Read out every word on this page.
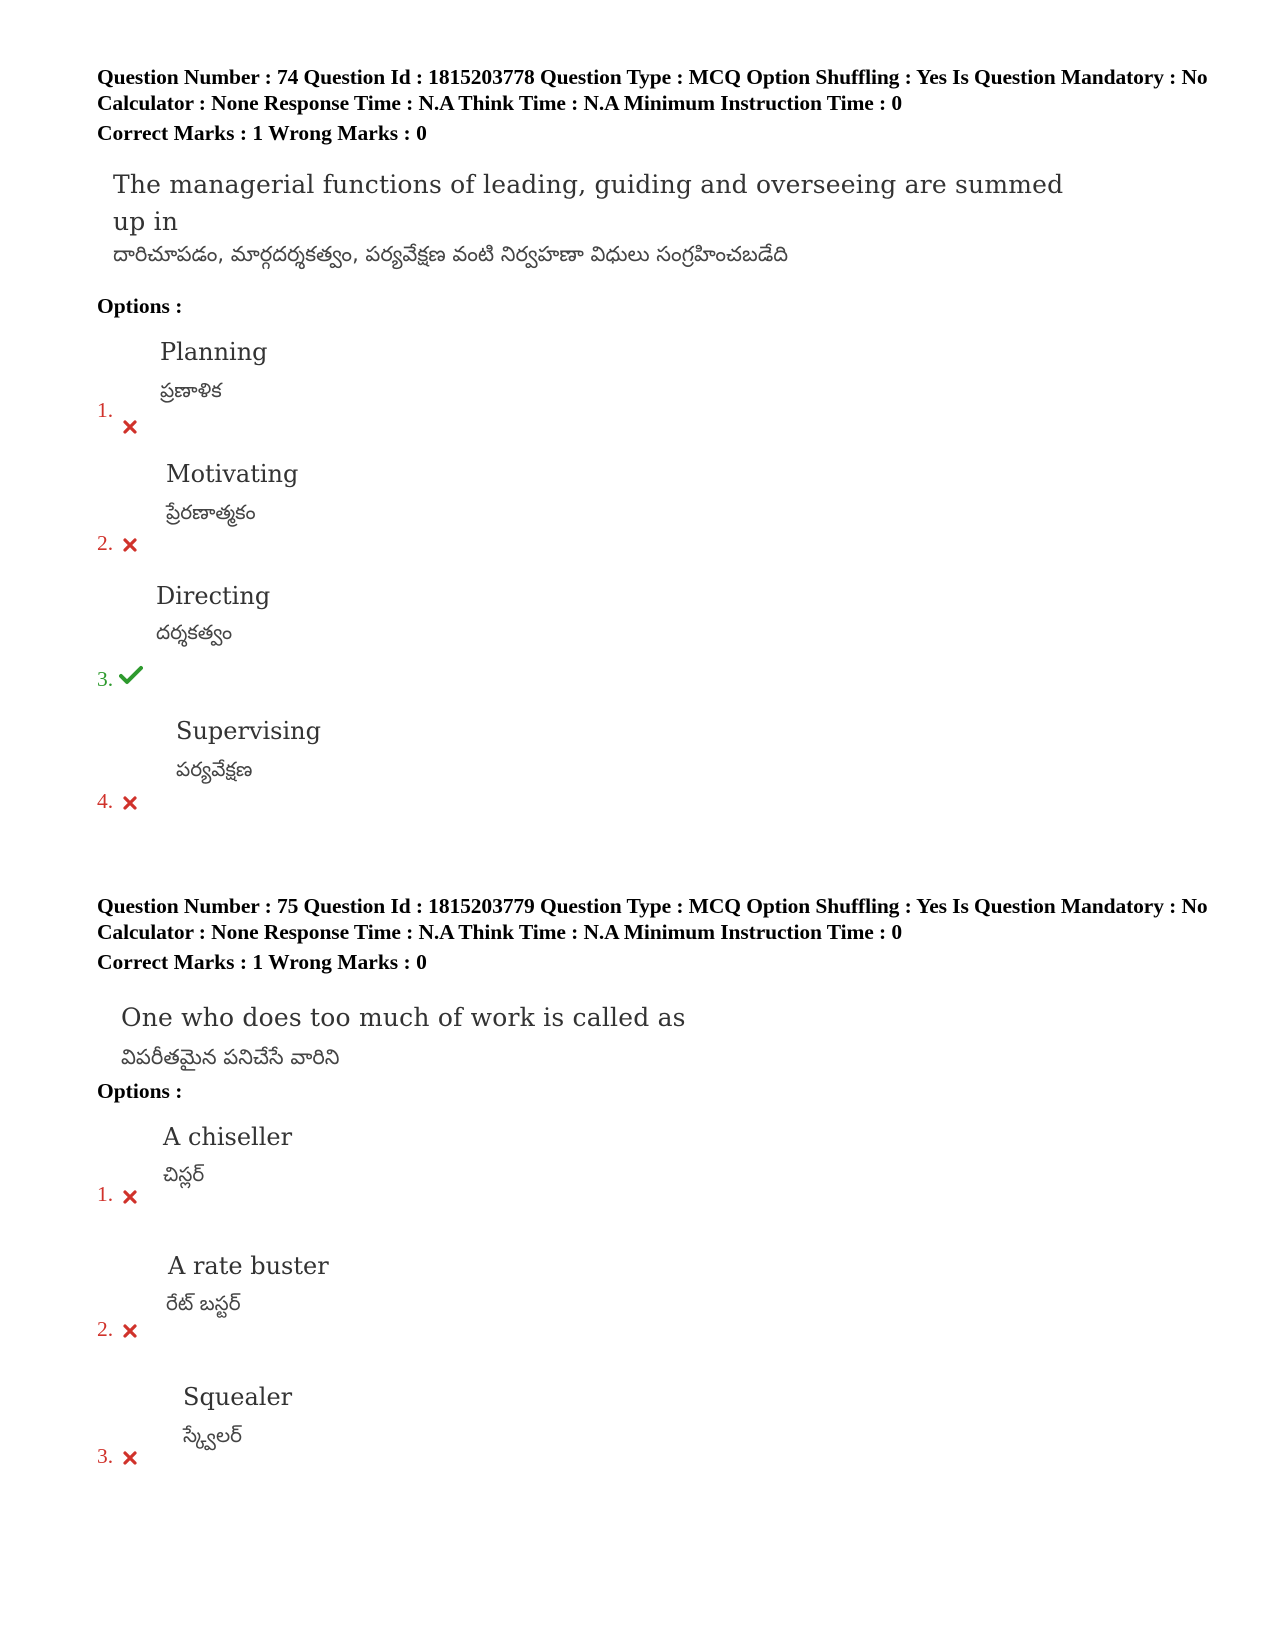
Question Number : 74 Question Id : 1815203778 Question Type : MCQ Option Shuffling : Yes Is Question Mandatory : No Calculator : None Response Time : N.A Think Time : N.A Minimum Instruction Time : 0
Correct Marks : 1 Wrong Marks : 0
The managerial functions of leading, guiding and overseeing are summed up in
దారిచూపడం, మార్గదర్శకత్వం, పర్యవేక్షణ వంటి నిర్వహణా విధులు సంగ్రహించబడేది
Options :
Planning
ప్రణాళిక
1.
Motivating
ప్రేరణాత్మకం
2.
Directing
దర్శకత్వం
3.
Supervising
పర్యవేక్షణ
4.
Question Number : 75 Question Id : 1815203779 Question Type : MCQ Option Shuffling : Yes Is Question Mandatory : No Calculator : None Response Time : N.A Think Time : N.A Minimum Instruction Time : 0
Correct Marks : 1 Wrong Marks : 0
One who does too much of work is called as
విపరీతమైన పనిచేసే వారిని
Options :
A chiseller
చిస్లర్
1.
A rate buster
రేట్ బస్టర్
2.
Squealer
స్క్వేలర్
3.
